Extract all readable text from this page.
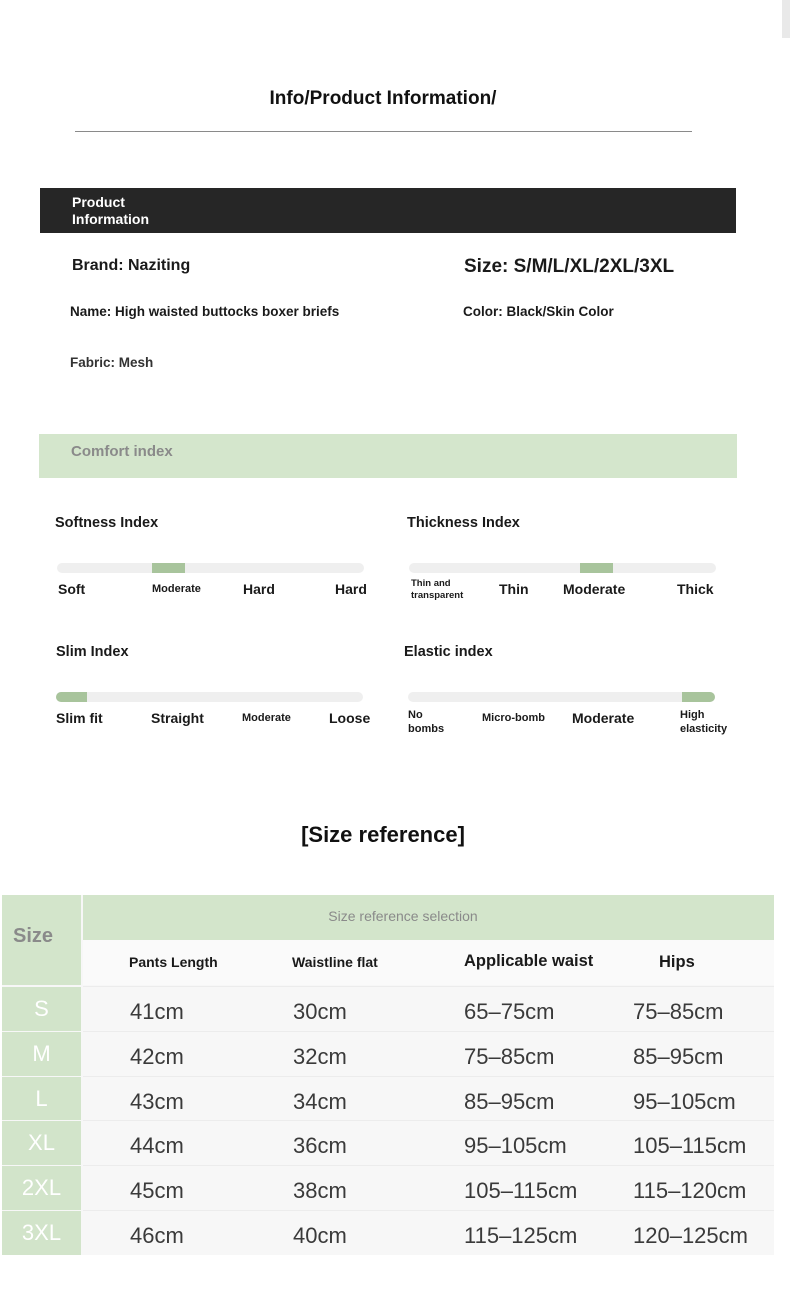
Info/Product Information/
Product
Information
Brand: Naziting	Size: S/M/L/XL/2XL/3XL
Name: High waisted buttocks boxer briefs	Color: Black/Skin Color
Fabric: Mesh
Comfort index
Softness Index
Soft	Moderate	Hard	Hard
Thickness Index
Thin and transparent	Thin Moderate	Thick
Slim Index
Slim fit	Straight	Moderate	Loose
Elastic index
No bombs
Micro-bomb Moderate	High elasticity
[Size reference]
Size
Size reference selection
Pants Length	Waistline flat	Applicable waist	Hips
S	41cm	30cm	65–75cm	75–85cm
M	42cm	32cm	75–85cm	85–95cm
L	43cm	34cm	85–95cm	95–105cm
XL	44cm	36cm	95–105cm	105–115cm
2XL	45cm	38cm	105–115cm	115–120cm
3XL	46cm	40cm	115–125cm	120–125cm
